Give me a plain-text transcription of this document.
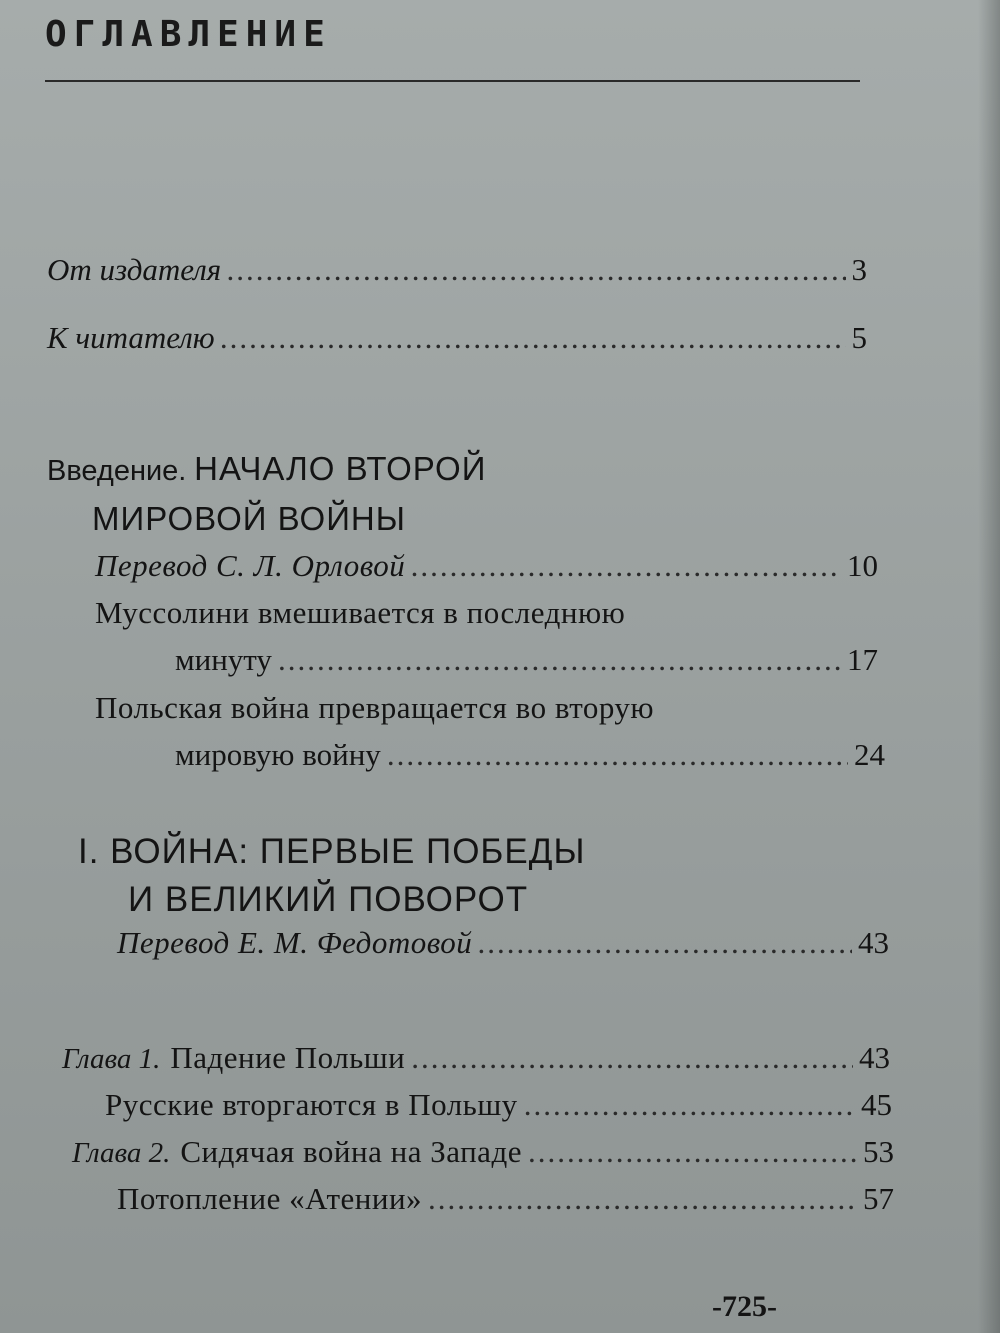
ОГЛАВЛЕНИЕ
От издателя .....	3
К читателю .....	5
Введение. НАЧАЛО ВТОРОЙ
МИРОВОЙ ВОЙНЫ
Перевод С. Л. Орловой .....	10
Муссолини вмешивается в последнюю
минуту .....	17
Польская война превращается во вторую
мировую войну .....	24
I. ВОЙНА: ПЕРВЫЕ ПОБЕДЫ
И ВЕЛИКИЙ ПОВОРОТ
Перевод Е. М. Федотовой .....	43
Глава 1. Падение Польши .....	43
Русские вторгаются в Польшу .....	45
Глава 2. Сидячая война на Западе .....	53
Потопление «Атении» .....	57
-725-
